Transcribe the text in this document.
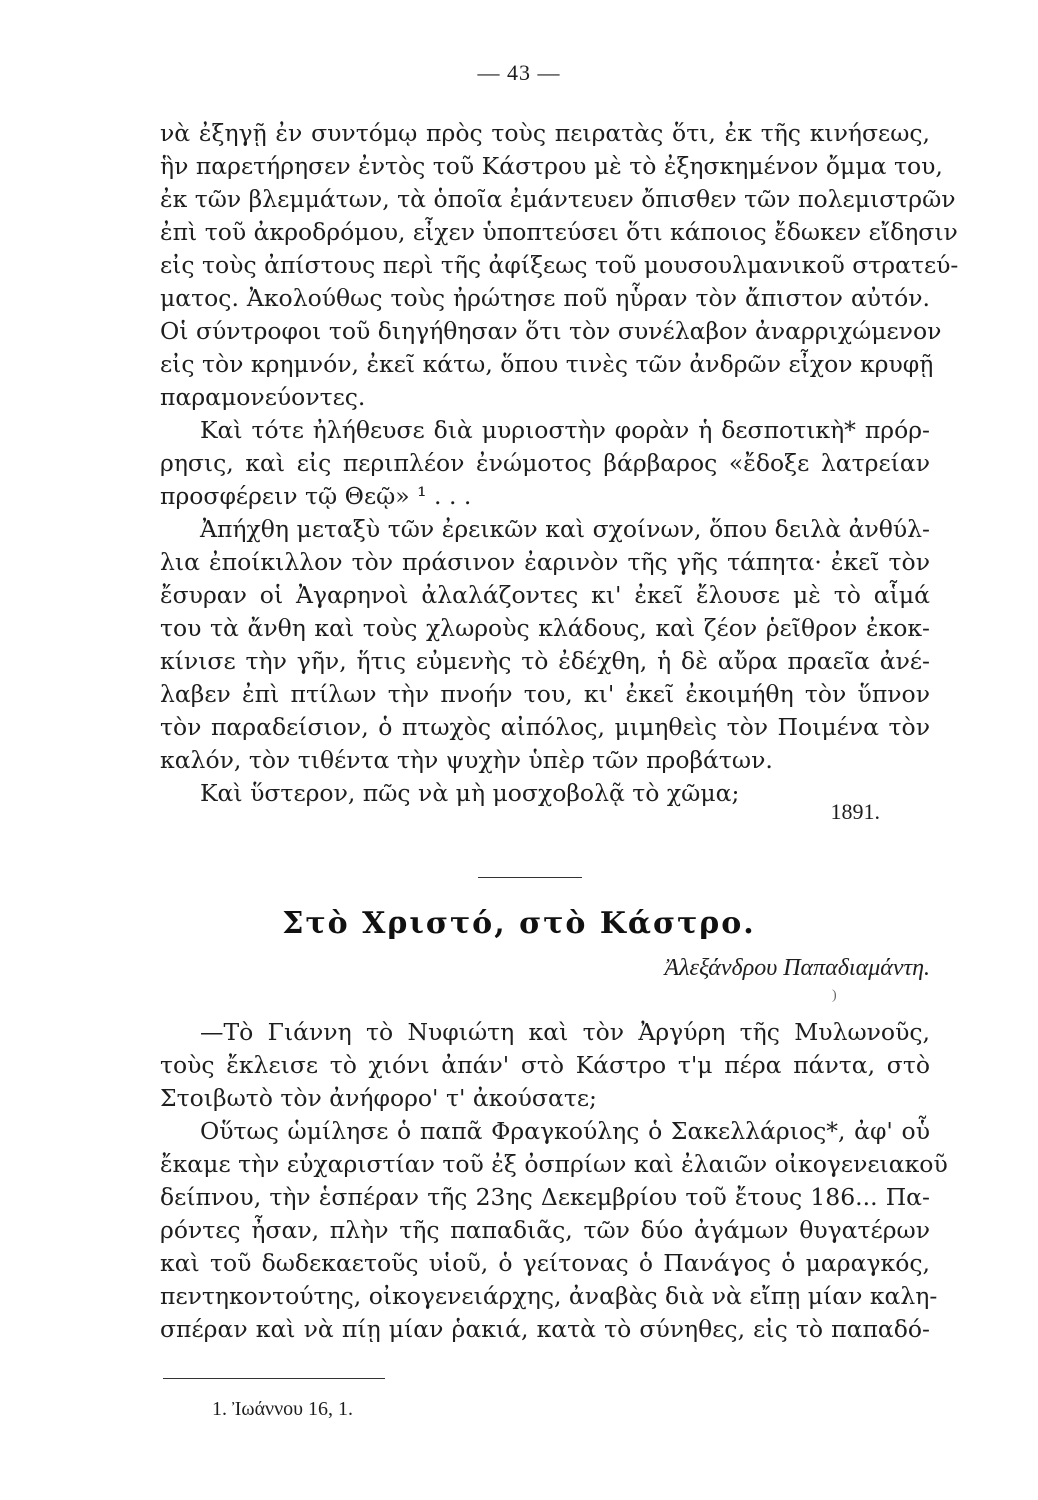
— 43 —
νὰ ἐξηγῇ ἐν συντόμῳ πρὸς τοὺς πειρατὰς ὅτι, ἐκ τῆς κινήσεως,
ἣν παρετήρησεν ἐντὸς τοῦ Κάστρου μὲ τὸ ἐξησκημένον ὄμμα του,
ἐκ τῶν βλεμμάτων, τὰ ὁποῖα ἐμάντευεν ὄπισθεν τῶν πολεμιστρῶν
ἐπὶ τοῦ ἀκροδρόμου, εἶχεν ὑποπτεύσει ὅτι κάποιος ἔδωκεν εἴδησιν
εἰς τοὺς ἀπίστους περὶ τῆς ἀφίξεως τοῦ μουσουλμανικοῦ στρατεύ-
ματος. Ἀκολούθως τοὺς ἠρώτησε ποῦ ηὗραν τὸν ἄπιστον αὐτόν.
Οἱ σύντροφοι τοῦ διηγήθησαν ὅτι τὸν συνέλαβον ἀναρριχώμενον
εἰς τὸν κρημνόν, ἐκεῖ κάτω, ὅπου τινὲς τῶν ἀνδρῶν εἶχον κρυφῇ
παραμονεύοντες.
Καὶ τότε ἠλήθευσε διὰ μυριοστὴν φορὰν ἡ δεσποτικὴ* πρόρ-
ρησις, καὶ εἰς περιπλέον ἐνώμοτος βάρβαρος «ἔδοξε λατρείαν
προσφέρειν τῷ Θεῷ» ¹ . . .
Ἀπήχθη μεταξὺ τῶν ἐρεικῶν καὶ σχοίνων, ὅπου δειλὰ ἀνθύλ-
λια ἐποίκιλλον τὸν πράσινον ἐαρινὸν τῆς γῆς τάπητα· ἐκεῖ τὸν
ἔσυραν οἱ Ἀγαρηνοὶ ἀλαλάζοντες κι' ἐκεῖ ἔλουσε μὲ τὸ αἷμά
του τὰ ἄνθη καὶ τοὺς χλωροὺς κλάδους, καὶ ζέον ῥεῖθρον ἐκοκ-
κίνισε τὴν γῆν, ἥτις εὐμενὴς τὸ ἐδέχθη, ἡ δὲ αὔρα πραεῖα ἀνέ-
λαβεν ἐπὶ πτίλων τὴν πνοήν του, κι' ἐκεῖ ἐκοιμήθη τὸν ὕπνον
τὸν παραδείσιον, ὁ πτωχὸς αἰπόλος, μιμηθεὶς τὸν Ποιμένα τὸν
καλόν, τὸν τιθέντα τὴν ψυχὴν ὑπὲρ τῶν προβάτων.
Καὶ ὕστερον, πῶς νὰ μὴ μοσχοβολᾷ τὸ χῶμα;
1891.
Στὸ Χριστό, στὸ Κάστρο.
Ἀλεξάνδρου Παπαδιαμάντη.
)
—Τὸ Γιάννη τὸ Νυφιώτη καὶ τὸν Ἀργύρη τῆς Μυλωνοῦς,
τοὺς ἔκλεισε τὸ χιόνι ἀπάν' στὸ Κάστρο τ'μ πέρα πάντα, στὸ
Στοιβωτὸ τὸν ἀνήφορο' τ' ἀκούσατε;
Οὕτως ὡμίλησε ὁ παπᾶ Φραγκούλης ὁ Σακελλάριος*, ἀφ' οὗ
ἔκαμε τὴν εὐχαριστίαν τοῦ ἐξ ὀσπρίων καὶ ἐλαιῶν οἰκογενειακοῦ
δείπνου, τὴν ἑσπέραν τῆς 23ης Δεκεμβρίου τοῦ ἔτους 186... Πα-
ρόντες ἦσαν, πλὴν τῆς παπαδιᾶς, τῶν δύο ἀγάμων θυγατέρων
καὶ τοῦ δωδεκαετοῦς υἱοῦ, ὁ γείτονας ὁ Πανάγος ὁ μαραγκός,
πεντηκοντούτης, οἰκογενειάρχης, ἀναβὰς διὰ νὰ εἴπῃ μίαν καλη-
σπέραν καὶ νὰ πίῃ μίαν ῥακιά, κατὰ τὸ σύνηθες, εἰς τὸ παπαδό-
1. Ἰωάννου 16, 1.
